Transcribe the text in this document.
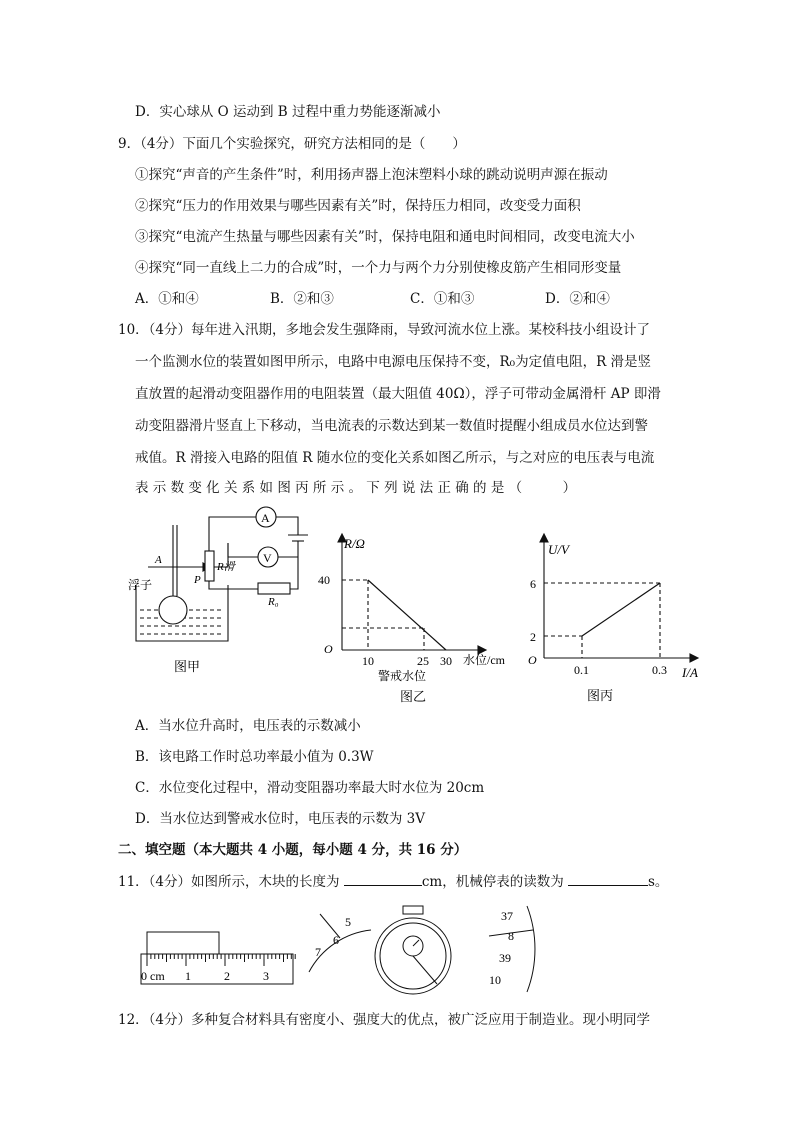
D．实心球从 O 运动到 B 过程中重力势能逐渐减小
9．（4分）下面几个实验探究，研究方法相同的是（　　）
①探究“声音的产生条件”时，利用扬声器上泡沫塑料小球的跳动说明声源在振动
②探究“压力的作用效果与哪些因素有关”时，保持压力相同，改变受力面积
③探究“电流产生热量与哪些因素有关”时，保持电阻和通电时间相同，改变电流大小
④探究“同一直线上二力的合成”时，一个力与两个力分别使橡皮筋产生相同形变量
A．①和④	B．②和③	C．①和③	D．②和④
10．（4分）每年进入汛期，多地会发生强降雨，导致河流水位上涨。某校科技小组设计了
一个监测水位的装置如图甲所示，电路中电源电压保持不变，R₀为定值电阻，R 滑是竖
直放置的起滑动变阻器作用的电阻装置（最大阻值 40Ω），浮子可带动金属滑杆 AP 即滑
动变阻器滑片竖直上下移动，当电流表的示数达到某一数值时提醒小组成员水位达到警
戒值。R 滑接入电路的阻值 R 随水位的变化关系如图乙所示，与之对应的电压表与电流
表 示 数 变 化 关 系 如 图 丙 所 示 。 下 列 说 法 正 确 的 是 （　　　）
A
V
R滑
R₀
A
P
浮子
图甲
R/Ω
水位/cm
O
40
10	25 30
警戒水位
图乙
U/V
I/A
O
6
2
0.1	0.3
图丙
A．当水位升高时，电压表的示数减小
B．该电路工作时总功率最小值为 0.3W
C．水位变化过程中，滑动变阻器功率最大时水位为 20cm
D．当水位达到警戒水位时，电压表的示数为 3V
二、填空题（本大题共 4 小题，每小题 4 分，共 16 分）
11．（4分）如图所示，木块的长度为	cm，机械停表的读数为	s。
0 cm 1	2	3
5
6
7
37
8
39
10
12．（4分）多种复合材料具有密度小、强度大的优点，被广泛应用于制造业。现小明同学
